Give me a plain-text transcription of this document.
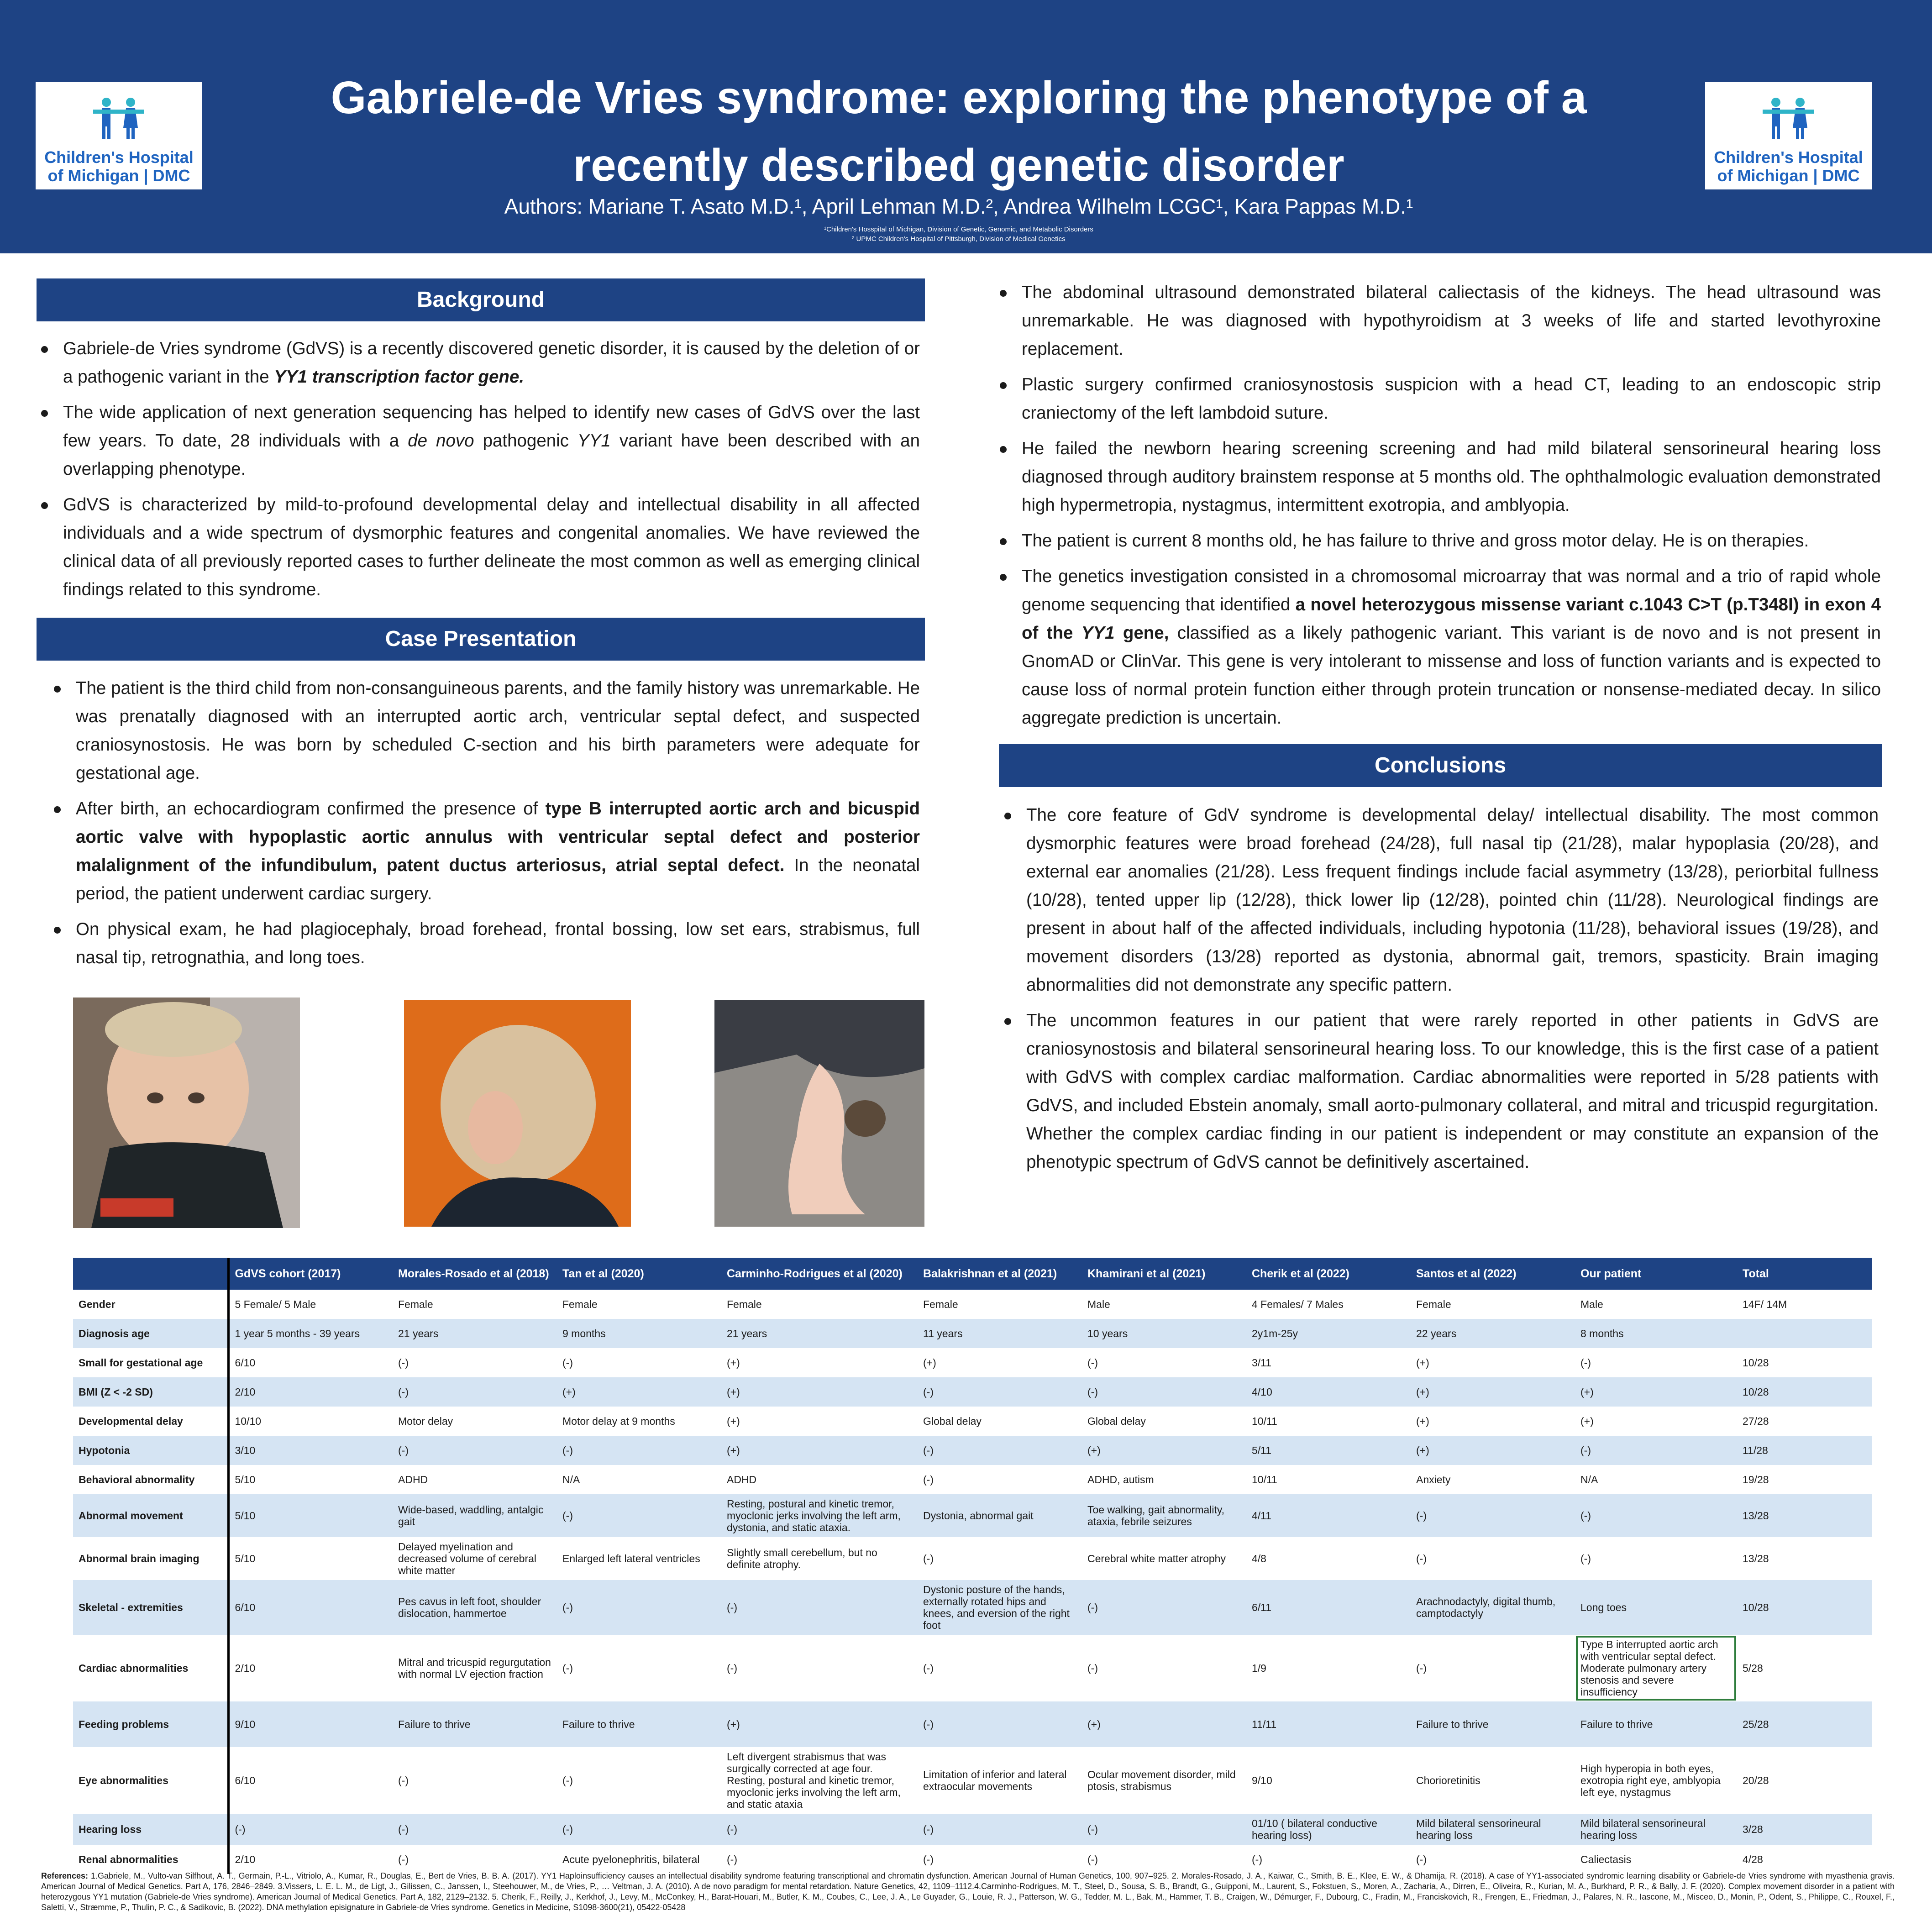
Children's Hospital
of Michigan | DMC
Gabriele-de Vries syndrome: exploring the phenotype of a
recently described genetic disorder
Authors: Mariane T. Asato M.D.¹, April Lehman M.D.², Andrea Wilhelm LCGC¹, Kara Pappas M.D.¹
¹Children's Hosspital of Michigan, Division of Genetic, Genomic, and Metabolic Disorders
² UPMC Children's Hospital of Pittsburgh, Division of Medical Genetics
Children's Hospital
of Michigan | DMC
Background
Gabriele-de Vries syndrome (GdVS) is a recently discovered genetic disorder, it is caused by the deletion of or a pathogenic variant in the YY1 transcription factor gene.
The wide application of next generation sequencing has helped to identify new cases of GdVS over the last few years. To date, 28 individuals with a de novo pathogenic YY1 variant have been described with an overlapping phenotype.
GdVS is characterized by mild-to-profound developmental delay and intellectual disability in all affected individuals and a wide spectrum of dysmorphic features and congenital anomalies. We have reviewed the clinical data of all previously reported cases to further delineate the most common as well as emerging clinical findings related to this syndrome.
Case Presentation
The patient is the third child from non-consanguineous parents, and the family history was unremarkable. He was prenatally diagnosed with an interrupted aortic arch, ventricular septal defect, and suspected craniosynostosis. He was born by scheduled C-section and his birth parameters were adequate for gestational age.
After birth, an echocardiogram confirmed the presence of type B interrupted aortic arch and bicuspid aortic valve with hypoplastic aortic annulus with ventricular septal defect and posterior malalignment of the infundibulum, patent ductus arteriosus, atrial septal defect. In the neonatal period, the patient underwent cardiac surgery.
On physical exam, he had plagiocephaly, broad forehead, frontal bossing, low set ears, strabismus, full nasal tip, retrognathia, and long toes.
The abdominal ultrasound demonstrated bilateral caliectasis of the kidneys. The head ultrasound was unremarkable. He was diagnosed with hypothyroidism at 3 weeks of life and started levothyroxine replacement.
Plastic surgery confirmed craniosynostosis suspicion with a head CT, leading to an endoscopic strip craniectomy of the left lambdoid suture.
He failed the newborn hearing screening screening and had mild bilateral sensorineural hearing loss diagnosed through auditory brainstem response at 5 months old. The ophthalmologic evaluation demonstrated high hypermetropia, nystagmus, intermittent exotropia, and amblyopia.
The patient is current 8 months old, he has failure to thrive and gross motor delay. He is on therapies.
The genetics investigation consisted in a chromosomal microarray that was normal and a trio of rapid whole genome sequencing that identified a novel heterozygous missense variant c.1043 C>T (p.T348I) in exon 4 of the YY1 gene, classified as a likely pathogenic variant. This variant is de novo and is not present in GnomAD or ClinVar. This gene is very intolerant to missense and loss of function variants and is expected to cause loss of normal protein function either through protein truncation or nonsense-mediated decay. In silico aggregate prediction is uncertain.
Conclusions
The core feature of GdV syndrome is developmental delay/ intellectual disability. The most common dysmorphic features were broad forehead (24/28), full nasal tip (21/28), malar hypoplasia (20/28), and external ear anomalies (21/28). Less frequent findings include facial asymmetry (13/28), periorbital fullness (10/28), tented upper lip (12/28), thick lower lip (12/28), pointed chin (11/28). Neurological findings are present in about half of the affected individuals, including hypotonia (11/28), behavioral issues (19/28), and movement disorders (13/28) reported as dystonia, abnormal gait, tremors, spasticity. Brain imaging abnormalities did not demonstrate any specific pattern.
The uncommon features in our patient that were rarely reported in other patients in GdVS are craniosynostosis and bilateral sensorineural hearing loss. To our knowledge, this is the first case of a patient with GdVS with complex cardiac malformation. Cardiac abnormalities were reported in 5/28 patients with GdVS, and included Ebstein anomaly, small aorto-pulmonary collateral, and mitral and tricuspid regurgitation. Whether the complex cardiac finding in our patient is independent or may constitute an expansion of the phenotypic spectrum of GdVS cannot be definitively ascertained.
	GdVS cohort (2017)	Morales-Rosado et al (2018)	Tan et al (2020)	Carminho-Rodrigues et al (2020)	Balakrishnan et al (2021)	Khamirani et al (2021)	Cherik et al (2022)	Santos et al (2022)	Our patient	Total
Gender	5 Female/ 5 Male	Female	Female	Female	Female	Male	4 Females/ 7 Males	Female	Male	14F/ 14M
Diagnosis age	1 year 5 months - 39 years	21 years	9 months	21 years	11 years	10 years	2y1m-25y	22 years	8 months	
Small for gestational age	6/10	(-)	(-)	(+)	(+)	(-)	3/11	(+)	(-)	10/28
BMI (Z < -2 SD)	2/10	(-)	(+)	(+)	(-)	(-)	4/10	(+)	(+)	10/28
Developmental delay	10/10	Motor delay	Motor delay at 9 months	(+)	Global delay	Global delay	10/11	(+)	(+)	27/28
Hypotonia	3/10	(-)	(-)	(+)	(-)	(+)	5/11	(+)	(-)	11/28
Behavioral abnormality	5/10	ADHD	N/A	ADHD	(-)	ADHD, autism	10/11	Anxiety	N/A	19/28
Abnormal movement	5/10	Wide-based, waddling, antalgic gait	(-)	Resting, postural and kinetic tremor, myoclonic jerks involving the left arm, dystonia, and static ataxia.	Dystonia, abnormal gait	Toe walking, gait abnormality, ataxia, febrile seizures	4/11	(-)	(-)	13/28
Abnormal brain imaging	5/10	Delayed myelination and decreased volume of cerebral white matter	Enlarged left lateral ventricles	Slightly small cerebellum, but no definite atrophy.	(-)	Cerebral white matter atrophy	4/8	(-)	(-)	13/28
Skeletal - extremities	6/10	Pes cavus in left foot, shoulder dislocation, hammertoe	(-)	(-)	Dystonic posture of the hands, externally rotated hips and knees, and eversion of the right foot	(-)	6/11	Arachnodactyly, digital thumb, camptodactyly	Long toes	10/28
Cardiac abnormalities	2/10	Mitral and tricuspid regurgutation with normal LV ejection fraction	(-)	(-)	(-)	(-)	1/9	(-)	Type B interrupted aortic arch with ventricular septal defect. Moderate pulmonary artery stenosis and severe insufficiency	5/28
Feeding problems	9/10	Failure to thrive	Failure to thrive	(+)	(-)	(+)	11/11	Failure to thrive	Failure to thrive	25/28
Eye abnormalities	6/10	(-)	(-)	Left divergent strabismus that was surgically corrected at age four. Resting, postural and kinetic tremor, myoclonic jerks involving the left arm, and static ataxia	Limitation of inferior and lateral extraocular movements	Ocular movement disorder, mild ptosis, strabismus	9/10	Chorioretinitis	High hyperopia in both eyes, exotropia right eye, amblyopia left eye, nystagmus	20/28
Hearing loss	(-)	(-)	(-)	(-)	(-)	(-)	01/10 ( bilateral conductive hearing loss)	Mild bilateral sensorineural hearing loss	Mild bilateral sensorineural hearing loss	3/28
Renal abnormalities	2/10	(-)	Acute pyelonephritis, bilateral	(-)	(-)	(-)	(-)	(-)	Caliectasis	4/28
References: 1.Gabriele, M., Vulto-van Silfhout, A. T., Germain, P.-L., Vitriolo, A., Kumar, R., Douglas, E., Bert de Vries, B. B. A. (2017). YY1 Haploinsufficiency causes an intellectual disability syndrome featuring transcriptional and chromatin dysfunction. American Journal of Human Genetics, 100, 907–925. 2. Morales-Rosado, J. A., Kaiwar, C., Smith, B. E., Klee, E. W., & Dhamija, R. (2018). A case of YY1-associated syndromic learning disability or Gabriele-de Vries syndrome with myasthenia gravis. American Journal of Medical Genetics. Part A, 176, 2846–2849. 3.Vissers, L. E. L. M., de Ligt, J., Gilissen, C., Janssen, I., Steehouwer, M., de Vries, P., … Veltman, J. A. (2010). A de novo paradigm for mental retardation. Nature Genetics, 42, 1109–1112.4.Carminho-Rodrigues, M. T., Steel, D., Sousa, S. B., Brandt, G., Guipponi, M., Laurent, S., Fokstuen, S., Moren, A., Zacharia, A., Dirren, E., Oliveira, R., Kurian, M. A., Burkhard, P. R., & Bally, J. F. (2020). Complex movement disorder in a patient with heterozygous YY1 mutation (Gabriele-de Vries syndrome). American Journal of Medical Genetics. Part A, 182, 2129–2132. 5. Cherik, F., Reilly, J., Kerkhof, J., Levy, M., McConkey, H., Barat-Houari, M., Butler, K. M., Coubes, C., Lee, J. A., Le Guyader, G., Louie, R. J., Patterson, W. G., Tedder, M. L., Bak, M., Hammer, T. B., Craigen, W., Démurger, F., Dubourg, C., Fradin, M., Franciskovich, R., Frengen, E., Friedman, J., Palares, N. R., Iascone, M., Misceo, D., Monin, P., Odent, S., Philippe, C., Rouxel, F., Saletti, V., Stræmme, P., Thulin, P. C., & Sadikovic, B. (2022). DNA methylation episignature in Gabriele-de Vries syndrome. Genetics in Medicine, S1098-3600(21), 05422-05428
